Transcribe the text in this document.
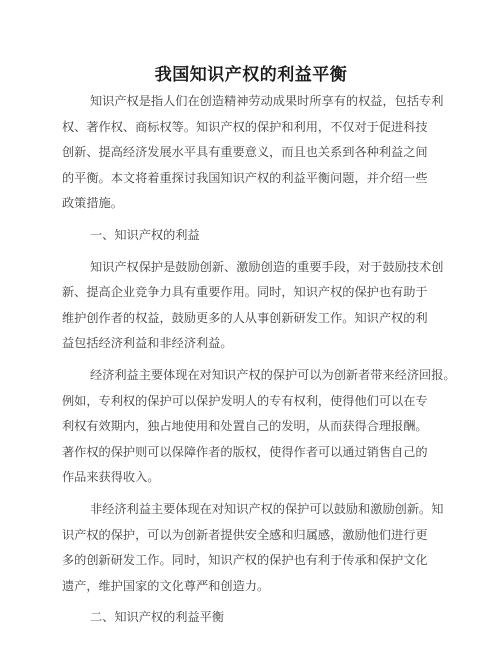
我国知识产权的利益平衡
知识产权是指人们在创造精神劳动成果时所享有的权益，包括专利
权、著作权、商标权等。知识产权的保护和利用，不仅对于促进科技
创新、提高经济发展水平具有重要意义，而且也关系到各种利益之间
的平衡。本文将着重探讨我国知识产权的利益平衡问题，并介绍一些
政策措施。
一、知识产权的利益
知识产权保护是鼓励创新、激励创造的重要手段，对于鼓励技术创
新、提高企业竞争力具有重要作用。同时，知识产权的保护也有助于
维护创作者的权益，鼓励更多的人从事创新研发工作。知识产权的利
益包括经济利益和非经济利益。
经济利益主要体现在对知识产权的保护可以为创新者带来经济回报。
例如，专利权的保护可以保护发明人的专有权利，使得他们可以在专
利权有效期内，独占地使用和处置自己的发明，从而获得合理报酬。
著作权的保护则可以保障作者的版权，使得作者可以通过销售自己的
作品来获得收入。
非经济利益主要体现在对知识产权的保护可以鼓励和激励创新。知
识产权的保护，可以为创新者提供安全感和归属感，激励他们进行更
多的创新研发工作。同时，知识产权的保护也有利于传承和保护文化
遗产，维护国家的文化尊严和创造力。
二、知识产权的利益平衡
